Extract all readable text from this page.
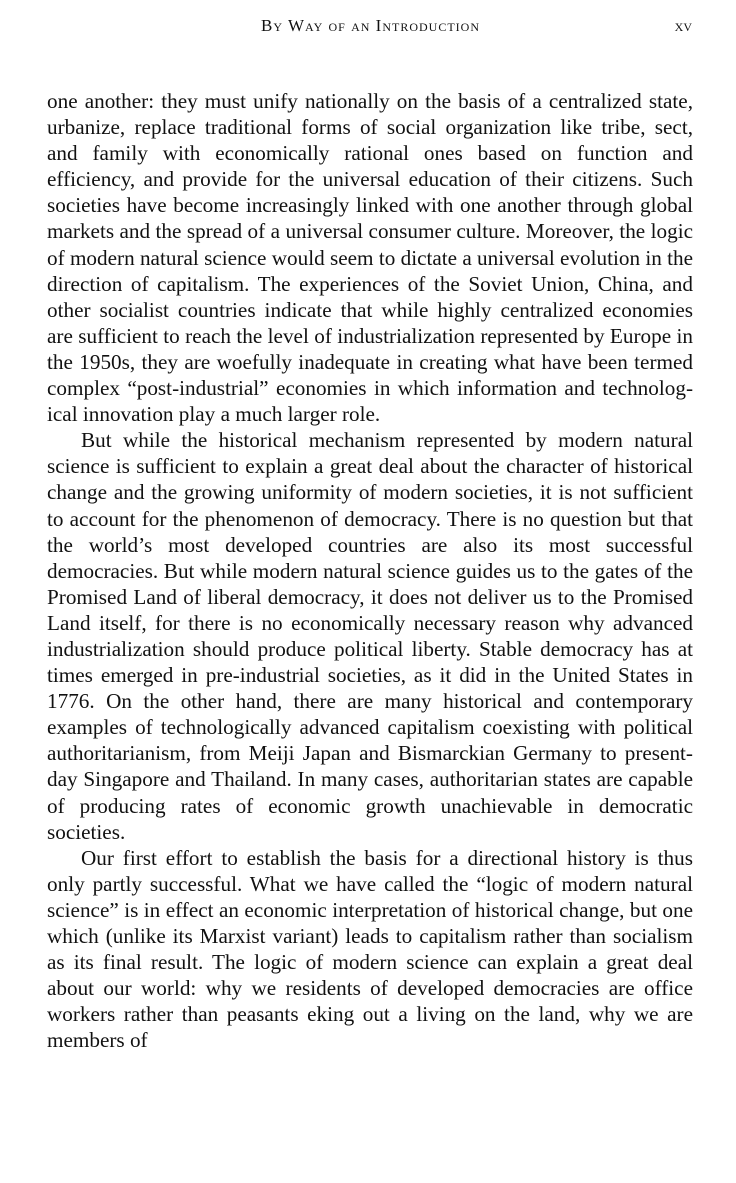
By Way of an Introduction	xv

one another: they must unify nationally on the basis of a centralized state, urbanize, replace traditional forms of social organization like tribe, sect, and family with economically rational ones based on function and efficiency, and provide for the universal education of their citizens. Such societies have become increasingly linked with one another through global markets and the spread of a universal consumer culture. Moreover, the logic of modern natural science would seem to dictate a universal evolution in the direction of capitalism. The experiences of the Soviet Union, China, and other socialist countries indicate that while highly centralized economies are sufficient to reach the level of industrialization represented by Europe in the 1950s, they are woefully inadequate in creating what have been termed complex “post-industrial” economies in which information and technological innovation play a much larger role.

But while the historical mechanism represented by modern natural science is sufficient to explain a great deal about the character of historical change and the growing uniformity of modern societies, it is not sufficient to account for the phenomenon of democracy. There is no question but that the world’s most developed countries are also its most successful democracies. But while modern natural science guides us to the gates of the Promised Land of liberal democracy, it does not deliver us to the Promised Land itself, for there is no economically necessary reason why advanced industrialization should produce political liberty. Stable democracy has at times emerged in pre-industrial societies, as it did in the United States in 1776. On the other hand, there are many historical and contemporary examples of technologically advanced capitalism coexisting with political authoritarianism, from Meiji Japan and Bismarckian Germany to present-day Singapore and Thailand. In many cases, authoritarian states are capable of producing rates of economic growth unachievable in democratic societies.

Our first effort to establish the basis for a directional history is thus only partly successful. What we have called the “logic of modern natural science” is in effect an economic interpretation of historical change, but one which (unlike its Marxist variant) leads to capitalism rather than socialism as its final result. The logic of modern science can explain a great deal about our world: why we residents of developed democracies are office workers rather than peasants eking out a living on the land, why we are members of
